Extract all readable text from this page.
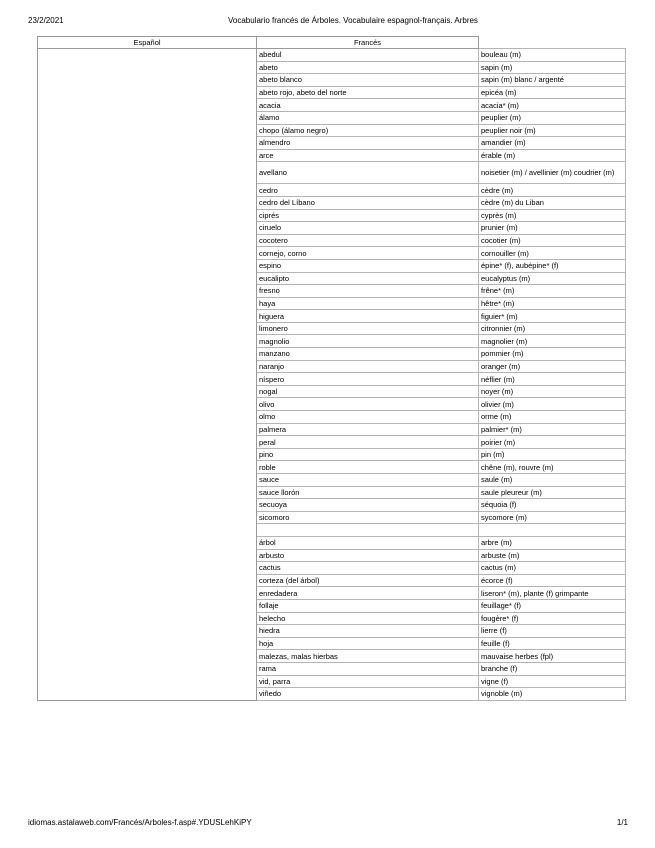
23/2/2021	Vocabulario francés de Árboles. Vocabulaire espagnol-français. Arbres
Español	Francés	
	abedul	bouleau (m)
	abeto	sapin (m)
	abeto blanco	sapin (m) blanc / argenté
	abeto rojo, abeto del norte	epicéa (m)
	acacia	acacia* (m)
	álamo	peuplier (m)
	chopo (álamo negro)	peuplier noir (m)
	almendro	amandier (m)
	arce	érable (m)
	avellano	noisetier (m) / avellinier (m) coudrier (m)
	cedro	cèdre (m)
	cedro del Líbano	cèdre (m) du Liban
	ciprés	cyprès (m)
	ciruelo	prunier (m)
	cocotero	cocotier (m)
	cornejo, corno	cornouiller (m)
	espino	épine* (f), aubépine* (f)
	eucalipto	eucalyptus (m)
	fresno	frêne* (m)
	haya	hêtre* (m)
	higuera	figuier* (m)
	limonero	citronnier (m)
	magnolio	magnolier (m)
	manzano	pommier (m)
	naranjo	oranger (m)
	níspero	néflier (m)
	nogal	noyer (m)
	olivo	olivier (m)
	olmo	orme (m)
	palmera	palmier* (m)
	peral	poirier (m)
	pino	pin (m)
	roble	chêne (m), rouvre (m)
	sauce	saule (m)
	sauce llorón	saule pleureur (m)
	secuoya	séquoia (f)
	sicomoro	sycomore (m)

	árbol	arbre (m)
	arbusto	arbuste (m)
	cactus	cactus (m)
	corteza (del árbol)	écorce (f)
	enredadera	liseron* (m), plante (f) grimpante
	follaje	feuillage* (f)
	helecho	fougère* (f)
	hiedra	lierre (f)
	hoja	feuille (f)
	malezas, malas hierbas	mauvaise herbes (fpl)
	rama	branche (f)
	vid, parra	vigne (f)
	viñedo	vignoble (m)
idiomas.astalaweb.com/Francés/Arboles-f.asp#.YDUSLehKiPY	1/1
